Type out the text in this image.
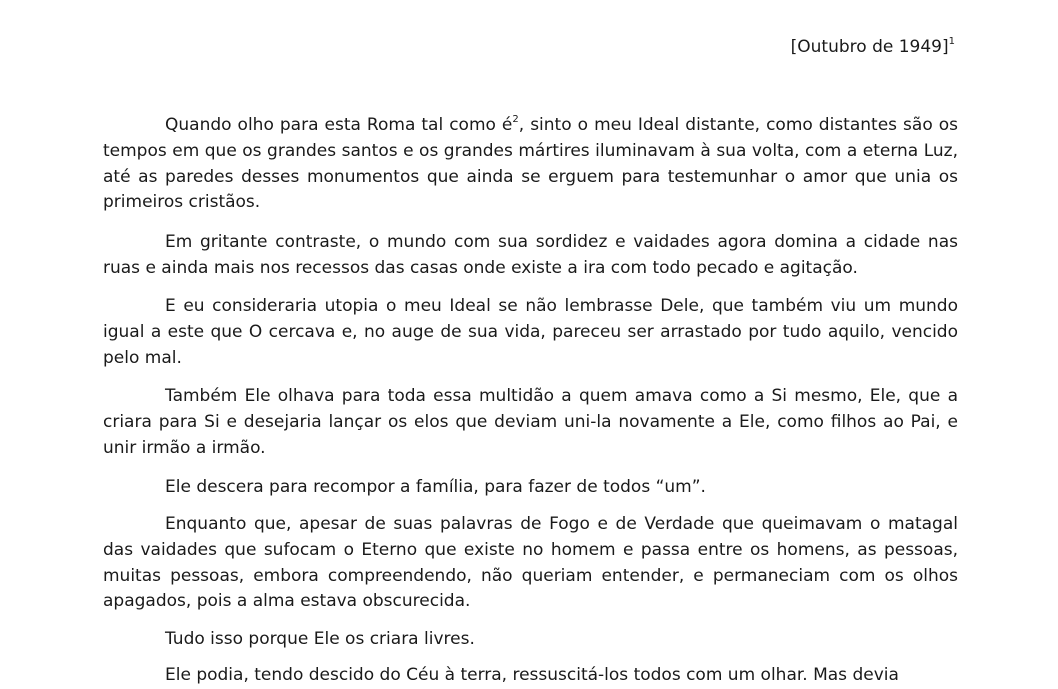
[Outubro de 1949]$^1$

Quando olho para esta Roma tal como $é^2$, sinto o meu Ideal distante, como distantes são os tempos em que os grandes santos e os grandes mártires iluminavam à sua volta, com a eterna Luz, até as paredes desses monumentos que ainda se erguem para testemunhar o amor que unia os primeiros cristãos.

Em gritante contraste, o mundo com sua sordidez e vaidades agora domina a cidade nas ruas e ainda mais nos recessos das casas onde existe a ira com todo pecado e agitação.

E eu consideraria utopia o meu Ideal se não lembrasse Dele, que também viu um mundo igual a este que O cercava e, no auge de sua vida, pareceu ser arrastado por tudo aquilo, vencido pelo mal.

Também Ele olhava para toda essa multidão a quem amava como a Si mesmo, Ele, que a criara para Si e desejaria lançar os elos que deviam uni-la novamente a Ele, como filhos ao Pai, e unir irmão a irmão.

Ele descera para recompor a família, para fazer de todos “um”.

Enquanto que, apesar de suas palavras de Fogo e de Verdade que queimavam o matagal das vaidades que sufocam o Eterno que existe no homem e passa entre os homens, as pessoas, muitas pessoas, embora compreendendo, não queriam entender, e permaneciam com os olhos apagados, pois a alma estava obscurecida.

Tudo isso porque Ele os criara livres.

Ele podia, tendo descido do Céu à terra, ressuscitá-los todos com um olhar. Mas devia
